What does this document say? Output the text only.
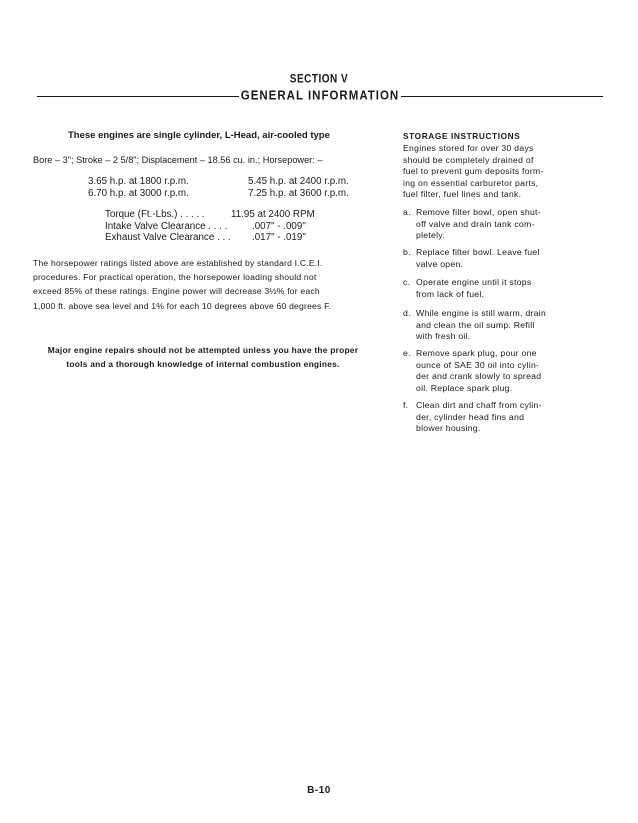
SECTION V
GENERAL INFORMATION
These engines are single cylinder, L-Head, air-cooled type
Bore – 3"; Stroke – 2 5/8"; Displacement – 18.56 cu. in.; Horsepower: –
3.65 h.p. at 1800 r.p.m.	5.45 h.p. at 2400 r.p.m.
6.70 h.p. at 3000 r.p.m.	7.25 h.p. at 3600 r.p.m.
Torque (Ft.-Lbs.) . . . . .	11.95 at 2400 RPM
Intake Valve Clearance . . . .	.007" - .009"
Exhaust Valve Clearance . . . .017" - .019"
The horsepower ratings listed above are established by standard I.C.E.I.
procedures. For practical operation, the horsepower loading should not
exceed 85% of these ratings. Engine power will decrease 3½% for each
1,000 ft. above sea level and 1% for each 10 degrees above 60 degrees F.
Major engine repairs should not be attempted unless you have the proper
tools and a thorough knowledge of internal combustion engines.
STORAGE INSTRUCTIONS
Engines stored for over 30 days
should be completely drained of
fuel to prevent gum deposits form-
ing on essential carburetor parts,
fuel filter, fuel lines and tank.
a. Remove filter bowl, open shut-
off valve and drain tank com-
pletely.
b. Replace filter bowl. Leave fuel
valve open.
c. Operate engine until it stops
from lack of fuel.
d. While engine is still warm, drain
and clean the oil sump. Refill
with fresh oil.
e. Remove spark plug, pour one
ounce of SAE 30 oil into cylin-
der and crank slowly to spread
oil. Replace spark plug.
f. Clean dirt and chaff from cylin-
der, cylinder head fins and
blower housing.
B-10
